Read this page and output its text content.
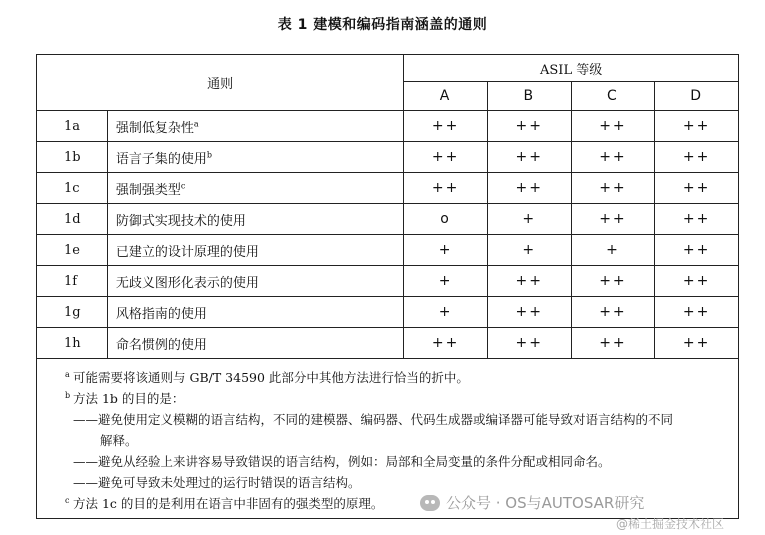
表 1 建模和编码指南涵盖的通则
通则		ASIL 等级			
		A	B	C	D
1a	强制低复杂性$^a$	++	++	++	++
1b	语言子集的使用$^b$	++	++	++	++
1c	强制强类型$^c$	++	++	++	++
1d	防御式实现技术的使用	o	+	++	++
1e	已建立的设计原理的使用	+	+	+	++
1f	无歧义图形化表示的使用	+	++	++	++
1g	风格指南的使用	+	++	++	++
1h	命名惯例的使用	++	++	++	++
a 可能需要将该通则与 GB/T 34590 此部分中其他方法进行恰当的折中。
b 方法 1b 的目的是：
——避免使用定义模糊的语言结构，不同的建模器、编码器、代码生成器或编译器可能导致对语言结构的不同
解释。
——避免从经验上来讲容易导致错误的语言结构，例如：局部和全局变量的条件分配或相同命名。
——避免可导致未处理过的运行时错误的语言结构。
c 方法 1c 的目的是利用在语言中非固有的强类型的原理。	公众号 · OS与AUTOSAR研究
@稀土掘金技术社区
